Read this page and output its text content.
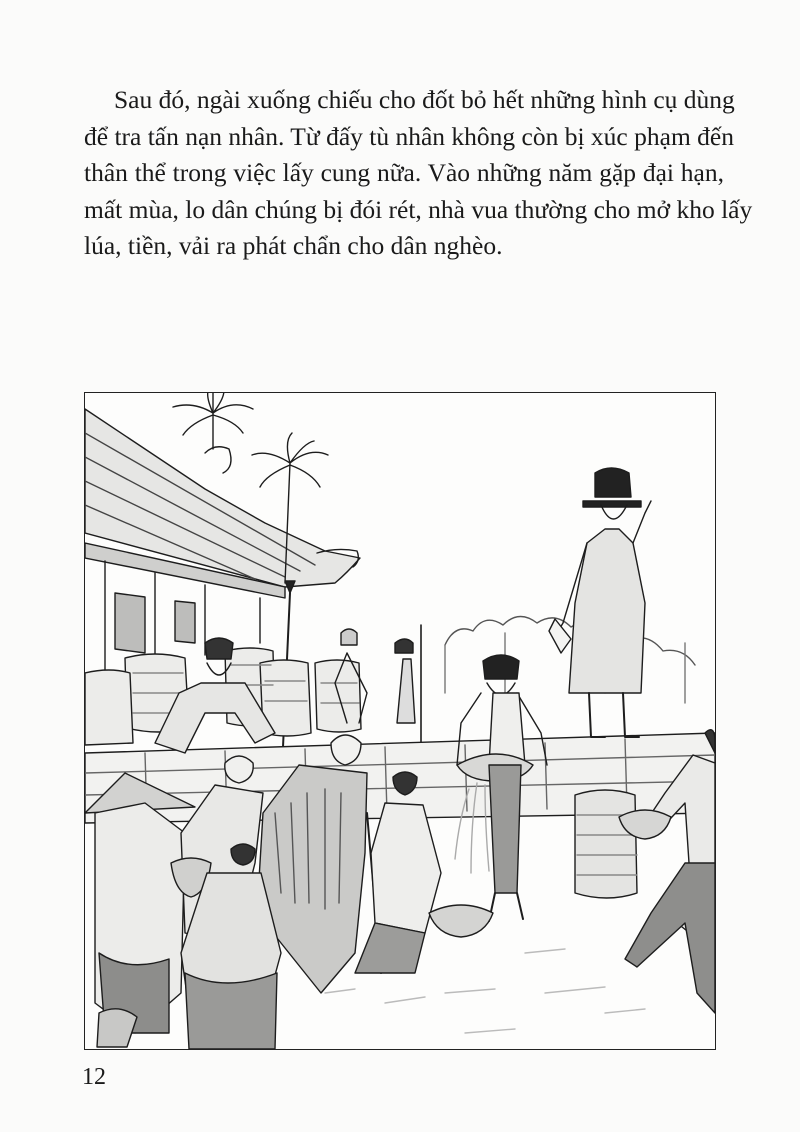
Sau đó, ngài xuống chiếu cho đốt bỏ hết những hình cụ dùng
để tra tấn nạn nhân. Từ đấy tù nhân không còn bị xúc phạm đến
thân thể trong việc lấy cung nữa. Vào những năm gặp đại hạn,
mất mùa, lo dân chúng bị đói rét, nhà vua thường cho mở kho lấy
lúa, tiền, vải ra phát chẩn cho dân nghèo.
12
